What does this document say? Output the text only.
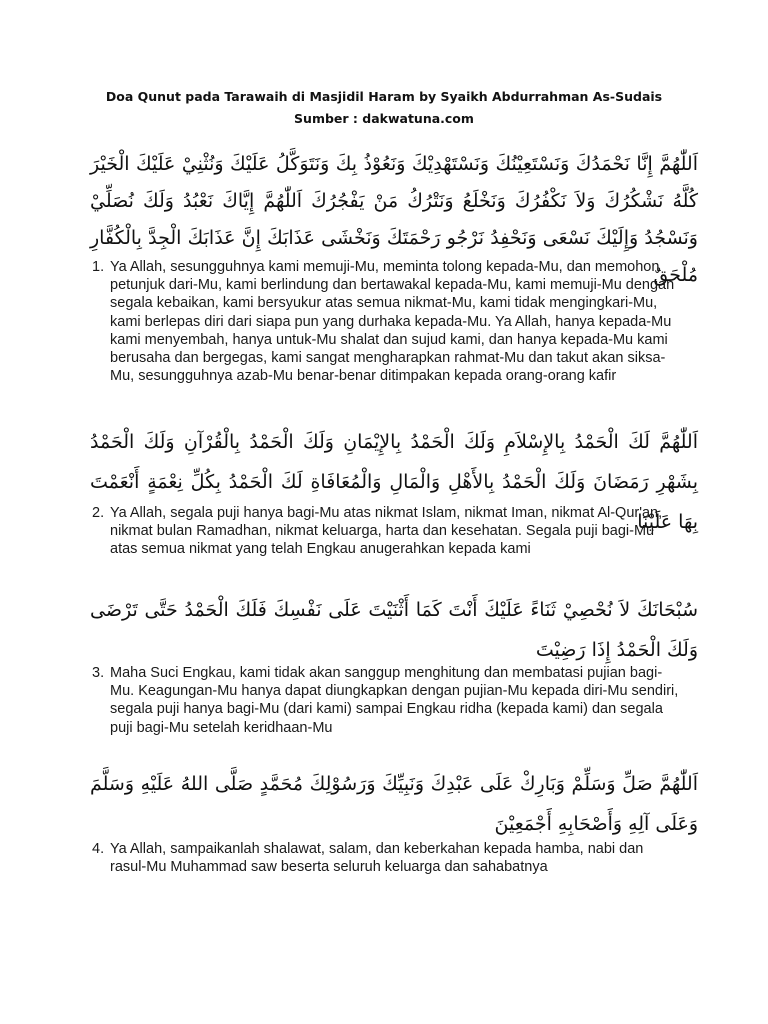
Doa Qunut pada Tarawaih di Masjidil Haram by Syaikh Abdurrahman As-Sudais
Sumber : dakwatuna.com
اَللّٰهُمَّ إِنَّا نَحْمَدُكَ وَنَسْتَعِيْنُكَ وَنَسْتَهْدِيْكَ وَنَعُوْذُ بِكَ وَنَتَوَكَّلُ عَلَيْكَ وَنُثْنِيْ عَلَيْكَ الْخَيْرَ كُلَّهُ نَشْكُرُكَ وَلاَ نَكْفُرُكَ وَنَخْلَعُ وَنَتْرُكُ مَنْ يَفْجُرُكَ اَللّٰهُمَّ إِيَّاكَ نَعْبُدُ وَلَكَ نُصَلِّيْ وَنَسْجُدُ وَإِلَيْكَ نَسْعَى وَنَحْفِدُ نَرْجُو رَحْمَتَكَ وَنَخْشَى عَذَابَكَ إِنَّ عَذَابَكَ الْجِدَّ بِالْكُفَّارِ مُلْحَقٌ
1. Ya Allah, sesungguhnya kami memuji-Mu, meminta tolong kepada-Mu, dan memohon petunjuk dari-Mu, kami berlindung dan bertawakal kepada-Mu, kami memuji-Mu dengan segala kebaikan, kami bersyukur atas semua nikmat-Mu, kami tidak mengingkari-Mu, kami berlepas diri dari siapa pun yang durhaka kepada-Mu. Ya Allah, hanya kepada-Mu kami menyembah, hanya untuk-Mu shalat dan sujud kami, dan hanya kepada-Mu kami berusaha dan bergegas, kami sangat mengharapkan rahmat-Mu dan takut akan siksa-Mu, sesungguhnya azab-Mu benar-benar ditimpakan kepada orang-orang kafir
اَللّٰهُمَّ لَكَ الْحَمْدُ بِالإِسْلاَمِ وَلَكَ الْحَمْدُ بِالإِيْمَانِ وَلَكَ الْحَمْدُ بِالْقُرْآنِ وَلَكَ الْحَمْدُ بِشَهْرِ رَمَضَانَ وَلَكَ الْحَمْدُ بِالأَهْلِ وَالْمَالِ وَالْمُعَافَاةِ لَكَ الْحَمْدُ بِكُلِّ نِعْمَةٍ أَنْعَمْتَ بِهَا عَلَيْنَا
2. Ya Allah, segala puji hanya bagi-Mu atas nikmat Islam, nikmat Iman, nikmat Al-Qur'an, nikmat bulan Ramadhan, nikmat keluarga, harta dan kesehatan. Segala puji bagi-Mu atas semua nikmat yang telah Engkau anugerahkan kepada kami
سُبْحَانَكَ لاَ نُحْصِيْ ثَنَاءً عَلَيْكَ أَنْتَ كَمَا أَثْنَيْتَ عَلَى نَفْسِكَ فَلَكَ الْحَمْدُ حَتَّى تَرْضَى وَلَكَ الْحَمْدُ إِذَا رَضِيْتَ
3. Maha Suci Engkau, kami tidak akan sanggup menghitung dan membatasi pujian bagi-Mu. Keagungan-Mu hanya dapat diungkapkan dengan pujian-Mu kepada diri-Mu sendiri, segala puji hanya bagi-Mu (dari kami) sampai Engkau ridha (kepada kami) dan segala puji bagi-Mu setelah keridhaan-Mu
اَللّٰهُمَّ صَلِّ وَسَلِّمْ وَبَارِكْ عَلَى عَبْدِكَ وَنَبِيِّكَ وَرَسُوْلِكَ مُحَمَّدٍ صَلَّى اللهُ عَلَيْهِ وَسَلَّمَ وَعَلَى آلِهِ وَأَصْحَابِهِ أَجْمَعِيْنَ
4. Ya Allah, sampaikanlah shalawat, salam, dan keberkahan kepada hamba, nabi dan rasul-Mu Muhammad saw beserta seluruh keluarga dan sahabatnya
